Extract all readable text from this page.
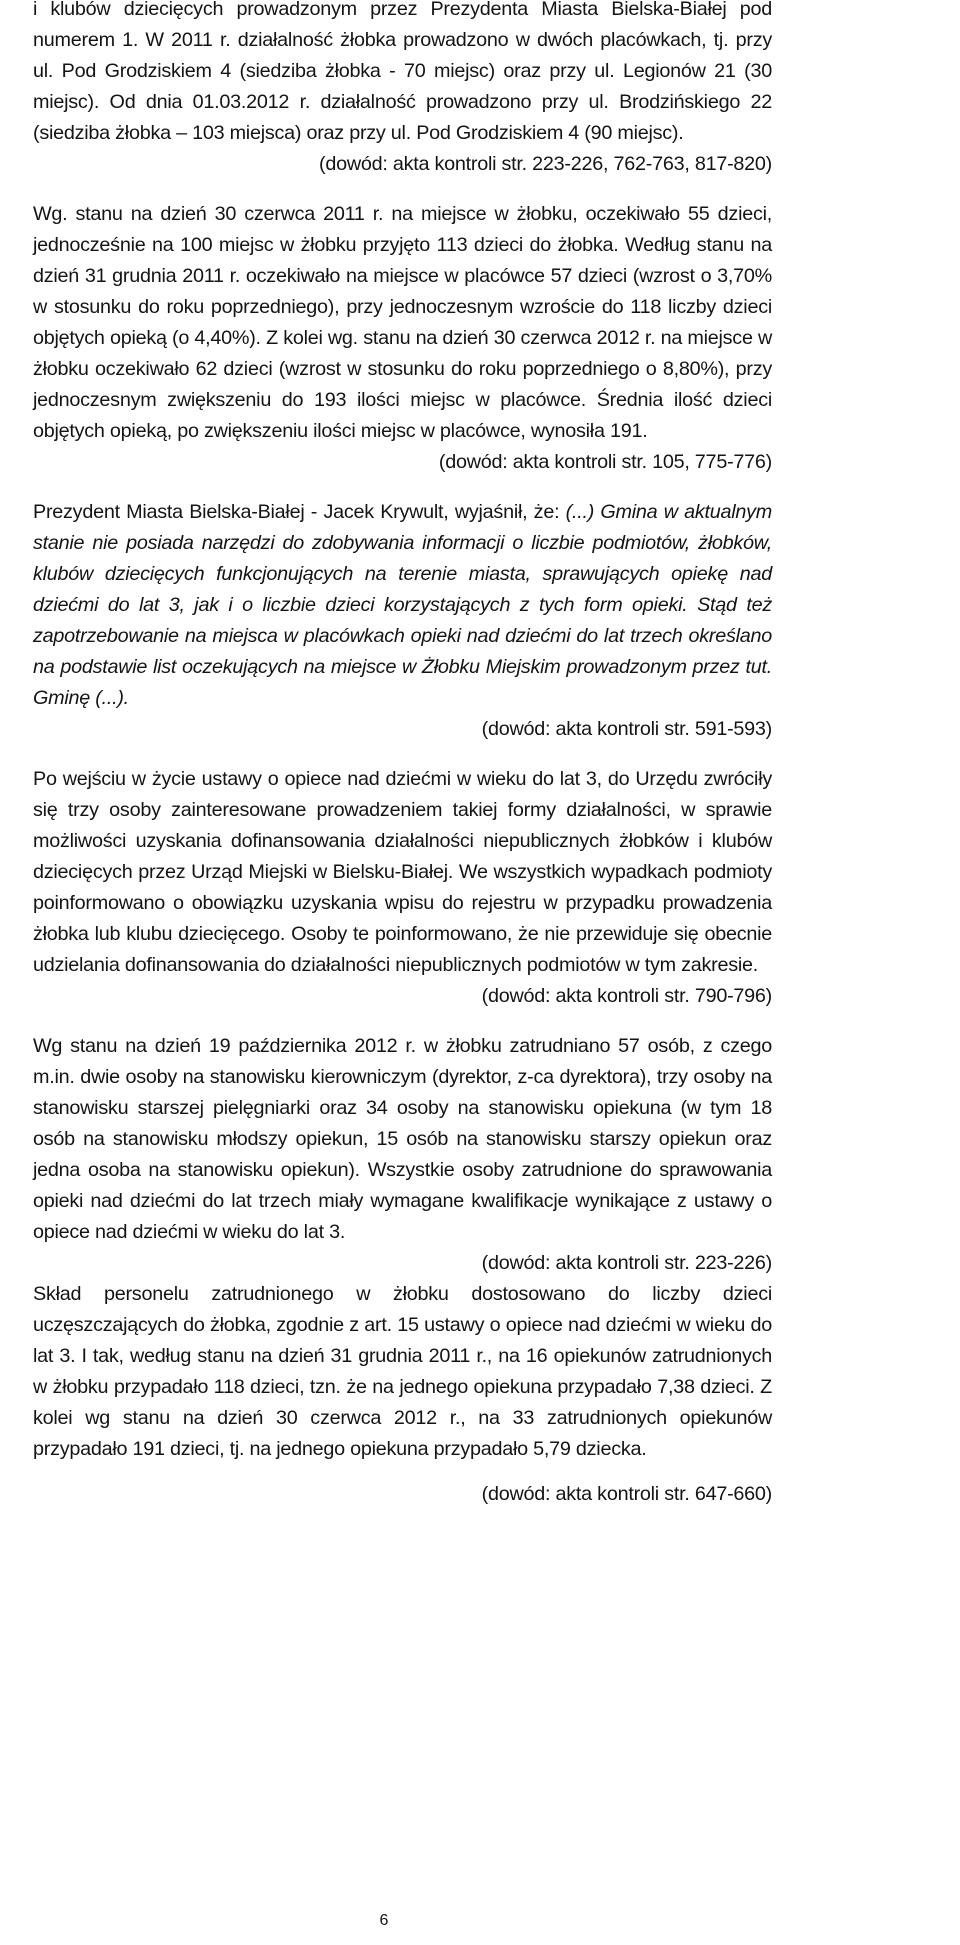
i klubów dziecięcych prowadzonym przez Prezydenta Miasta Bielska-Białej pod numerem 1. W 2011 r. działalność żłobka prowadzono w dwóch placówkach, tj. przy ul. Pod Grodziskiem 4 (siedziba żłobka - 70 miejsc) oraz przy ul. Legionów 21 (30 miejsc). Od dnia 01.03.2012 r. działalność prowadzono przy ul. Brodzińskiego 22 (siedziba żłobka – 103 miejsca) oraz przy ul. Pod Grodziskiem 4 (90 miejsc).

(dowód: akta kontroli str. 223-226, 762-763, 817-820)

Wg. stanu na dzień 30 czerwca 2011 r. na miejsce w żłobku, oczekiwało 55 dzieci, jednocześnie na 100 miejsc w żłobku przyjęto 113 dzieci do żłobka. Według stanu na dzień 31 grudnia 2011 r. oczekiwało na miejsce w placówce 57 dzieci (wzrost o 3,70% w stosunku do roku poprzedniego), przy jednoczesnym wzroście do 118 liczby dzieci objętych opieką (o 4,40%). Z kolei wg. stanu na dzień 30 czerwca 2012 r. na miejsce w żłobku oczekiwało 62 dzieci (wzrost w stosunku do roku poprzedniego o 8,80%), przy jednoczesnym zwiększeniu do 193 ilości miejsc w placówce. Średnia ilość dzieci objętych opieką, po zwiększeniu ilości miejsc w placówce, wynosiła 191.

(dowód: akta kontroli str. 105, 775-776)

Prezydent Miasta Bielska-Białej - Jacek Krywult, wyjaśnił, że: (...) Gmina w aktualnym stanie nie posiada narzędzi do zdobywania informacji o liczbie podmiotów, żłobków, klubów dziecięcych funkcjonujących na terenie miasta, sprawujących opiekę nad dziećmi do lat 3, jak i o liczbie dzieci korzystających z tych form opieki. Stąd też zapotrzebowanie na miejsca w placówkach opieki nad dziećmi do lat trzech określano na podstawie list oczekujących na miejsce w Żłobku Miejskim prowadzonym przez tut. Gminę (...).

(dowód: akta kontroli str. 591-593)

Po wejściu w życie ustawy o opiece nad dziećmi w wieku do lat 3, do Urzędu zwróciły się trzy osoby zainteresowane prowadzeniem takiej formy działalności, w sprawie możliwości uzyskania dofinansowania działalności niepublicznych żłobków i klubów dziecięcych przez Urząd Miejski w Bielsku-Białej. We wszystkich wypadkach podmioty poinformowano o obowiązku uzyskania wpisu do rejestru w przypadku prowadzenia żłobka lub klubu dziecięcego. Osoby te poinformowano, że nie przewiduje się obecnie udzielania dofinansowania do działalności niepublicznych podmiotów w tym zakresie.

(dowód: akta kontroli str. 790-796)

Wg stanu na dzień 19 października 2012 r. w żłobku zatrudniano 57 osób, z czego m.in. dwie osoby na stanowisku kierowniczym (dyrektor, z-ca dyrektora), trzy osoby na stanowisku starszej pielęgniarki oraz 34 osoby na stanowisku opiekuna (w tym 18 osób na stanowisku młodszy opiekun, 15 osób na stanowisku starszy opiekun oraz jedna osoba na stanowisku opiekun). Wszystkie osoby zatrudnione do sprawowania opieki nad dziećmi do lat trzech miały wymagane kwalifikacje wynikające z ustawy o opiece nad dziećmi w wieku do lat 3.

(dowód: akta kontroli str. 223-226)

Skład personelu zatrudnionego w żłobku dostosowano do liczby dzieci uczęszczających do żłobka, zgodnie z art. 15 ustawy o opiece nad dziećmi w wieku do lat 3. I tak, według stanu na dzień 31 grudnia 2011 r., na 16 opiekunów zatrudnionych w żłobku przypadało 118 dzieci, tzn. że na jednego opiekuna przypadało 7,38 dzieci. Z kolei wg stanu na dzień 30 czerwca 2012 r., na 33 zatrudnionych opiekunów przypadało 191 dzieci, tj. na jednego opiekuna przypadało 5,79 dziecka.

(dowód: akta kontroli str. 647-660)

6
